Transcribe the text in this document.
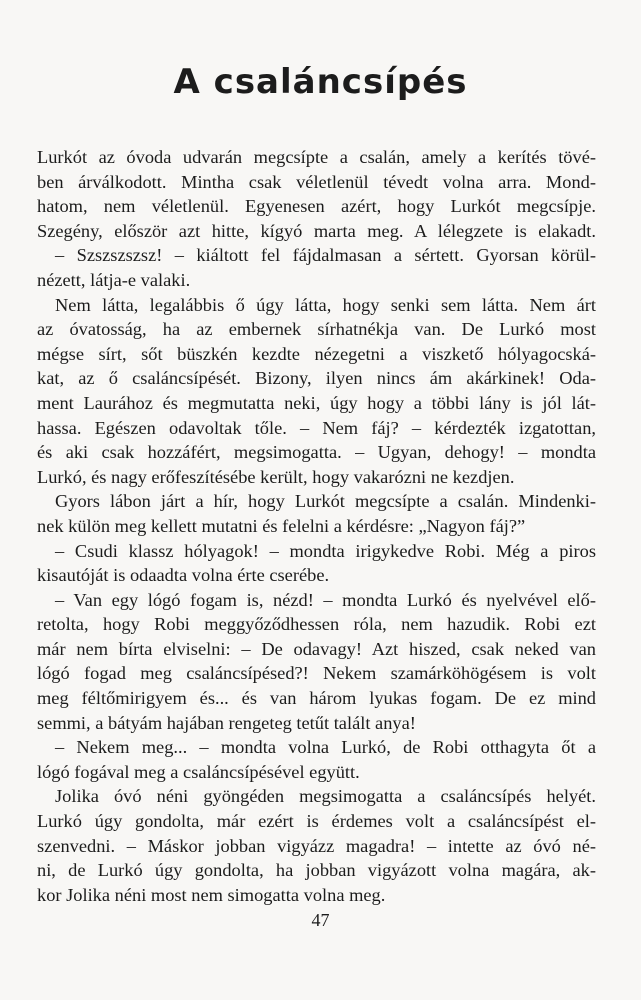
A csaláncsípés
Lurkót az óvoda udvarán megcsípte a csalán, amely a kerítés tövé-
ben árválkodott. Mintha csak véletlenül tévedt volna arra. Mond-
hatom, nem véletlenül. Egyenesen azért, hogy Lurkót megcsípje.
Szegény, először azt hitte, kígyó marta meg. A lélegzete is elakadt.
– Szszszszsz! – kiáltott fel fájdalmasan a sértett. Gyorsan körül-
nézett, látja-e valaki.
Nem látta, legalábbis ő úgy látta, hogy senki sem látta. Nem árt
az óvatosság, ha az embernek sírhatnékja van. De Lurkó most
mégse sírt, sőt büszkén kezdte nézegetni a viszkető hólyagocská-
kat, az ő csaláncsípését. Bizony, ilyen nincs ám akárkinek! Oda-
ment Laurához és megmutatta neki, úgy hogy a többi lány is jól lát-
hassa. Egészen odavoltak tőle. – Nem fáj? – kérdezték izgatottan,
és aki csak hozzáfért, megsimogatta. – Ugyan, dehogy! – mondta
Lurkó, és nagy erőfeszítésébe került, hogy vakarózni ne kezdjen.
Gyors lábon járt a hír, hogy Lurkót megcsípte a csalán. Mindenki-
nek külön meg kellett mutatni és felelni a kérdésre: „Nagyon fáj?”
– Csudi klassz hólyagok! – mondta irigykedve Robi. Még a piros
kisautóját is odaadta volna érte cserébe.
– Van egy lógó fogam is, nézd! – mondta Lurkó és nyelvével elő-
retolta, hogy Robi meggyőződhessen róla, nem hazudik. Robi ezt
már nem bírta elviselni: – De odavagy! Azt hiszed, csak neked van
lógó fogad meg csaláncsípésed?! Nekem szamárköhögésem is volt
meg féltőmirigyem és... és van három lyukas fogam. De ez mind
semmi, a bátyám hajában rengeteg tetűt talált anya!
– Nekem meg... – mondta volna Lurkó, de Robi otthagyta őt a
lógó fogával meg a csaláncsípésével együtt.
Jolika óvó néni gyöngéden megsimogatta a csaláncsípés helyét.
Lurkó úgy gondolta, már ezért is érdemes volt a csaláncsípést el-
szenvedni. – Máskor jobban vigyázz magadra! – intette az óvó né-
ni, de Lurkó úgy gondolta, ha jobban vigyázott volna magára, ak-
kor Jolika néni most nem simogatta volna meg.
47
